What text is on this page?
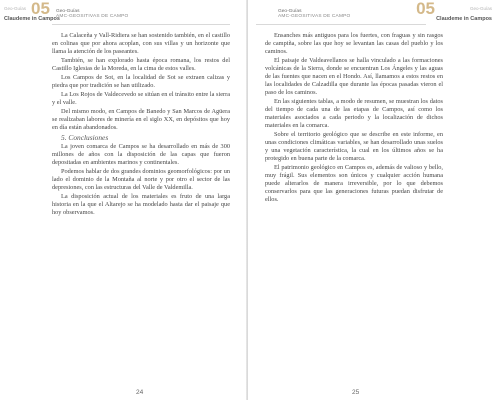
Geo-Guías 05
Claudeme in Campos
Geo-Guías
AMC-GEOSITIVAS DE CAMPO

La Calaceña y Vall-Ridiera se han sostenido también, en el castillo en colinas que por ahora acoplan, con sus villas y un horizonte que llama la atención de los paseantes.

También, se han explorado hasta época romana, los restos del Castillo Iglesias de la Moreda, en la cima de estos valles.

Los Campos de Sot, en la localidad de Sot se extraen calizas y piedra que por tradición se han utilizado.

La Los Rojos de Valdecevedo se sitúan en el tránsito entre la sierra y el valle.

Del mismo modo, en Campos de Banedo y San Marcos de Agüera se realizaban labores de minería en el siglo XX, en depósitos que hoy en día están abandonados.

5. Conclusiones

La joven comarca de Campos se ha desarrollado en más de 300 millones de años con la disposición de las capas que fueron depositadas en ambientes marinos y continentales.

Podemos hablar de dos grandes dominios geomorfológicos: por un lado el dominio de la Montaña al norte y por otro el sector de las depresiones, con las estructuras del Valle de Valdemilla.

La disposición actual de los materiales es fruto de una larga historia en la que el Altarejo se ha modelado hasta dar el paisaje que hoy observamos.

24
Geo-Guías
AMC-GEOSITIVAS DE CAMPO
Geo-Guías
05
Claudeme in Campos

Ensanches más antiguos para los fuertes, con fraguas y sin rasgos de campiña, sobre las que hoy se levantan las casas del pueblo y los caminos.

El paisaje de Valdeavellanos se halla vinculado a las formaciones volcánicas de la Sierra, donde se encuentran Los Ángeles y las aguas de las fuentes que nacen en el Hondo. Así, llamamos a estos restos en las localidades de Calzadilla que durante las épocas pasadas vieron el paso de los caminos.

En las siguientes tablas, a modo de resumen, se muestran los datos del tiempo de cada una de las etapas de Campos, así como los materiales asociados a cada periodo y la localización de dichos materiales en la comarca.

Sobre el territorio geológico que se describe en este informe, en unas condiciones climáticas variables, se han desarrollado unas suelos y una vegetación característica, la cual en los últimos años se ha protegido en buena parte de la comarca.

El patrimonio geológico en Campos es, además de valioso y bello, muy frágil. Sus elementos son únicos y cualquier acción humana puede alterarlos de manera irreversible, por lo que debemos conservarlos para que las generaciones futuras puedan disfrutar de ellos.

25
